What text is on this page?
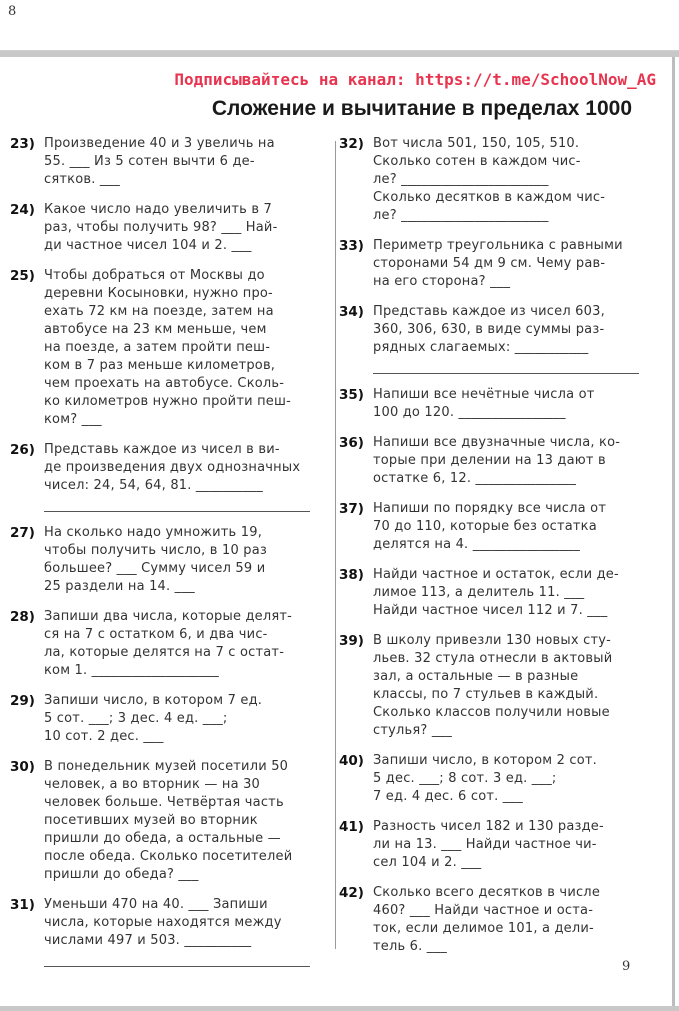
8
Подписывайтесь на канал: https://t.me/SchoolNow_AG
Сложение и вычитание в пределах 1000
23) Произведение 40 и 3 увеличь на
55. ___ Из 5 сотен вычти 6 де-
сятков. ___
24) Какое число надо увеличить в 7
раз, чтобы получить 98? ___ Най-
ди частное чисел 104 и 2. ___
25) Чтобы добраться от Москвы до
деревни Косыновки, нужно про-
ехать 72 км на поезде, затем на
автобусе на 23 км меньше, чем
на поезде, а затем пройти пеш-
ком в 7 раз меньше километров,
чем проехать на автобусе. Сколь-
ко километров нужно пройти пеш-
ком? ___
26) Представь каждое из чисел в ви-
де произведения двух однозначных
чисел: 24, 54, 64, 81. __________
27) На сколько надо умножить 19,
чтобы получить число, в 10 раз
большее? ___ Сумму чисел 59 и
25 раздели на 14. ___
28) Запиши два числа, которые делят-
ся на 7 с остатком 6, и два чис-
ла, которые делятся на 7 с остат-
ком 1. ___________________
29) Запиши число, в котором 7 ед.
5 сот. ___; 3 дес. 4 ед. ___;
10 сот. 2 дес. ___
30) В понедельник музей посетили 50
человек, а во вторник — на 30
человек больше. Четвёртая часть
посетивших музей во вторник
пришли до обеда, а остальные —
после обеда. Сколько посетителей
пришли до обеда? ___
31) Уменьши 470 на 40. ___ Запиши
числа, которые находятся между
числами 497 и 503. __________
32) Вот числа 501, 150, 105, 510.
Сколько сотен в каждом чис-
ле? ______________________
Сколько десятков в каждом чис-
ле? ______________________
33) Периметр треугольника с равными
сторонами 54 дм 9 см. Чему рав-
на его сторона? ___
34) Представь каждое из чисел 603,
360, 306, 630, в виде суммы раз-
рядных слагаемых: ___________
35) Напиши все нечётные числа от
100 до 120. ________________
36) Напиши все двузначные числа, ко-
торые при делении на 13 дают в
остатке 6, 12. _______________
37) Напиши по порядку все числа от
70 до 110, которые без остатка
делятся на 4. ________________
38) Найди частное и остаток, если де-
лимое 113, а делитель 11. ___
Найди частное чисел 112 и 7. ___
39) В школу привезли 130 новых сту-
льев. 32 стула отнесли в актовый
зал, а остальные — в разные
классы, по 7 стульев в каждый.
Сколько классов получили новые
стулья? ___
40) Запиши число, в котором 2 сот.
5 дес. ___; 8 сот. 3 ед. ___;
7 ед. 4 дес. 6 сот. ___
41) Разность чисел 182 и 130 разде-
ли на 13. ___ Найди частное чи-
сел 104 и 2. ___
42) Сколько всего десятков в числе
460? ___ Найди частное и оста-
ток, если делимое 101, а дели-
тель 6. ___
9
